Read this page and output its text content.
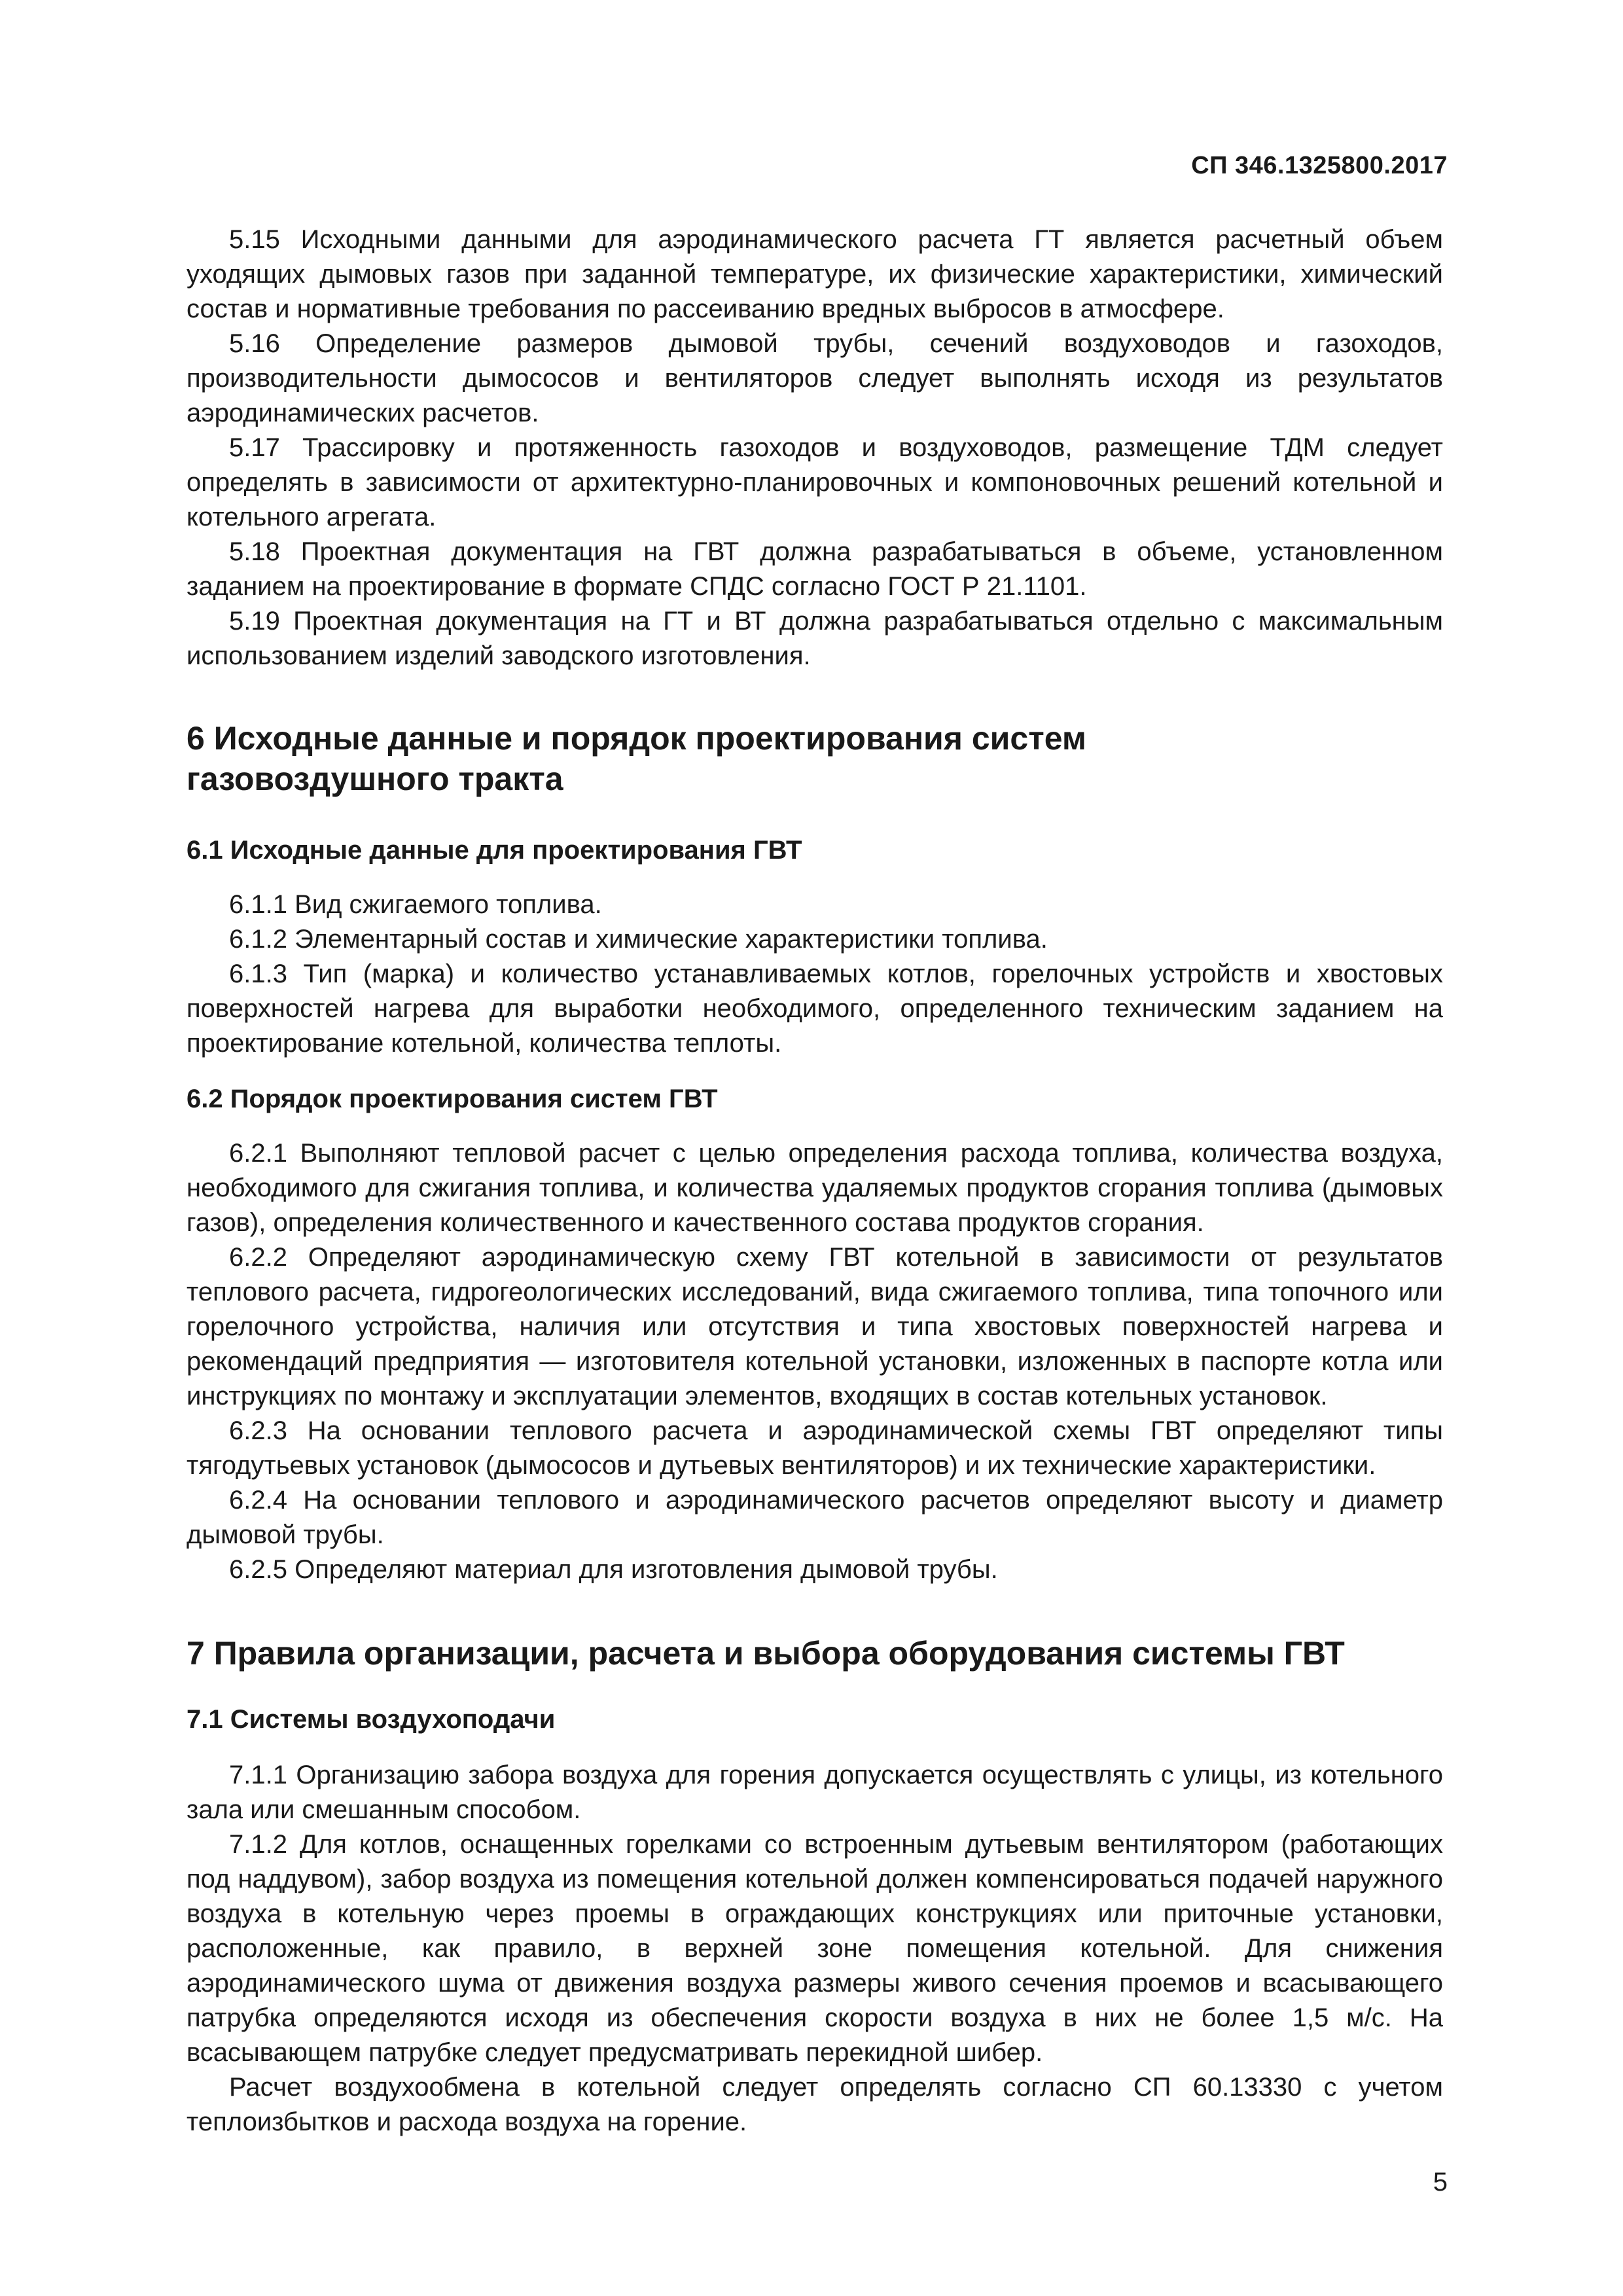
СП 346.1325800.2017

5.15 Исходными данными для аэродинамического расчета ГТ является расчетный объем уходящих дымовых газов при заданной температуре, их физические характеристики, химический состав и нормативные требования по рассеиванию вредных выбросов в атмосфере.

5.16 Определение размеров дымовой трубы, сечений воздуховодов и газоходов, производительности дымососов и вентиляторов следует выполнять исходя из результатов аэродинамических расчетов.

5.17 Трассировку и протяженность газоходов и воздуховодов, размещение ТДМ следует определять в зависимости от архитектурно-планировочных и компоновочных решений котельной и котельного агрегата.

5.18 Проектная документация на ГВТ должна разрабатываться в объеме, установленном заданием на проектирование в формате СПДС согласно ГОСТ Р 21.1101.

5.19 Проектная документация на ГТ и ВТ должна разрабатываться отдельно с максимальным использованием изделий заводского изготовления.

6 Исходные данные и порядок проектирования систем
газовоздушного тракта
6.1 Исходные данные для проектирования ГВТ

6.1.1 Вид сжигаемого топлива.

6.1.2 Элементарный состав и химические характеристики топлива.

6.1.3 Тип (марка) и количество устанавливаемых котлов, горелочных устройств и хвостовых поверхностей нагрева для выработки необходимого, определенного техническим заданием на проектирование котельной, количества теплоты.

6.2 Порядок проектирования систем ГВТ

6.2.1 Выполняют тепловой расчет с целью определения расхода топлива, количества воздуха, необходимого для сжигания топлива, и количества удаляемых продуктов сгорания топлива (дымовых газов), определения количественного и качественного состава продуктов сгорания.

6.2.2 Определяют аэродинамическую схему ГВТ котельной в зависимости от результатов теплового расчета, гидрогеологических исследований, вида сжигаемого топлива, типа топочного или горелочного устройства, наличия или отсутствия и типа хвостовых поверхностей нагрева и рекомендаций предприятия — изготовителя котельной установки, изложенных в паспорте котла или инструкциях по монтажу и эксплуатации элементов, входящих в состав котельных установок.

6.2.3 На основании теплового расчета и аэродинамической схемы ГВТ определяют типы тягодутьевых установок (дымососов и дутьевых вентиляторов) и их технические характеристики.

6.2.4 На основании теплового и аэродинамического расчетов определяют высоту и диаметр дымовой трубы.

6.2.5 Определяют материал для изготовления дымовой трубы.

7 Правила организации, расчета и выбора оборудования системы ГВТ
7.1 Системы воздухоподачи

7.1.1 Организацию забора воздуха для горения допускается осуществлять с улицы, из котельного зала или смешанным способом.

7.1.2 Для котлов, оснащенных горелками со встроенным дутьевым вентилятором (работающих под наддувом), забор воздуха из помещения котельной должен компенсироваться подачей наружного воздуха в котельную через проемы в ограждающих конструкциях или приточные установки, расположенные, как правило, в верхней зоне помещения котельной. Для снижения аэродинамического шума от движения воздуха размеры живого сечения проемов и всасывающего патрубка определяются исходя из обеспечения скорости воздуха в них не более 1,5 м/с. На всасывающем патрубке следует предусматривать перекидной шибер.

Расчет воздухообмена в котельной следует определять согласно СП 60.13330 с учетом теплоизбытков и расхода воздуха на горение.

5
